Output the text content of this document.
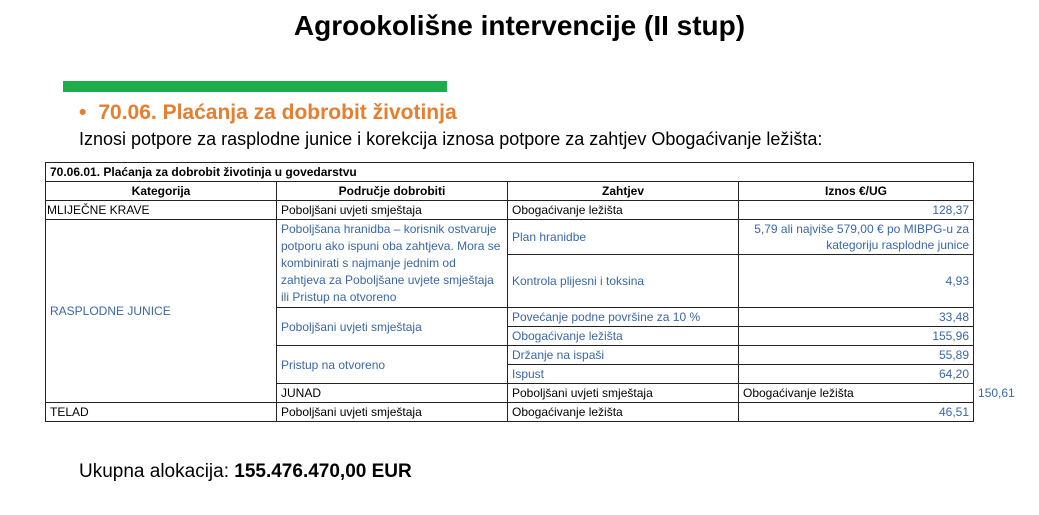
Agrookolišne intervencije (II stup)
• 70.06. Plaćanja za dobrobit životinja
Iznosi potpore za rasplodne junice i korekcija iznosa potpore za zahtjev Obogaćivanje ležišta:
70.06.01. Plaćanja za dobrobit životinja u govedarstvu				
Kategorija	Područje dobrobiti	Zahtjev	Iznos €/UG	
MLIJEČNE KRAVE	Poboljšani uvjeti smještaja	Obogaćivanje ležišta	128,37	
RASPLODNE JUNICE	Poboljšana hranidba – korisnik ostvaruje potporu ako ispuni oba zahtjeva. Mora se kombinirati s najmanje jednim od zahtjeva za Poboljšane uvjete smještaja ili Pristup na otvoreno	Plan hranidbe	5,79 ali najviše 579,00 € po MIBPG-u za kategoriju rasplodne junice	
		Kontrola plijesni i toksina	4,93	
	Poboljšani uvjeti smještaja	Povećanje podne površine za 10 %	33,48	
		Obogaćivanje ležišta	155,96	
	Pristup na otvoreno	Držanje na ispaši	55,89	
		Ispust	64,20	
	JUNAD	Poboljšani uvjeti smještaja	Obogaćivanje ležišta	150,61
TELAD	Poboljšani uvjeti smještaja	Obogaćivanje ležišta	46,51	
Ukupna alokacija: 155.476.470,00 EUR
